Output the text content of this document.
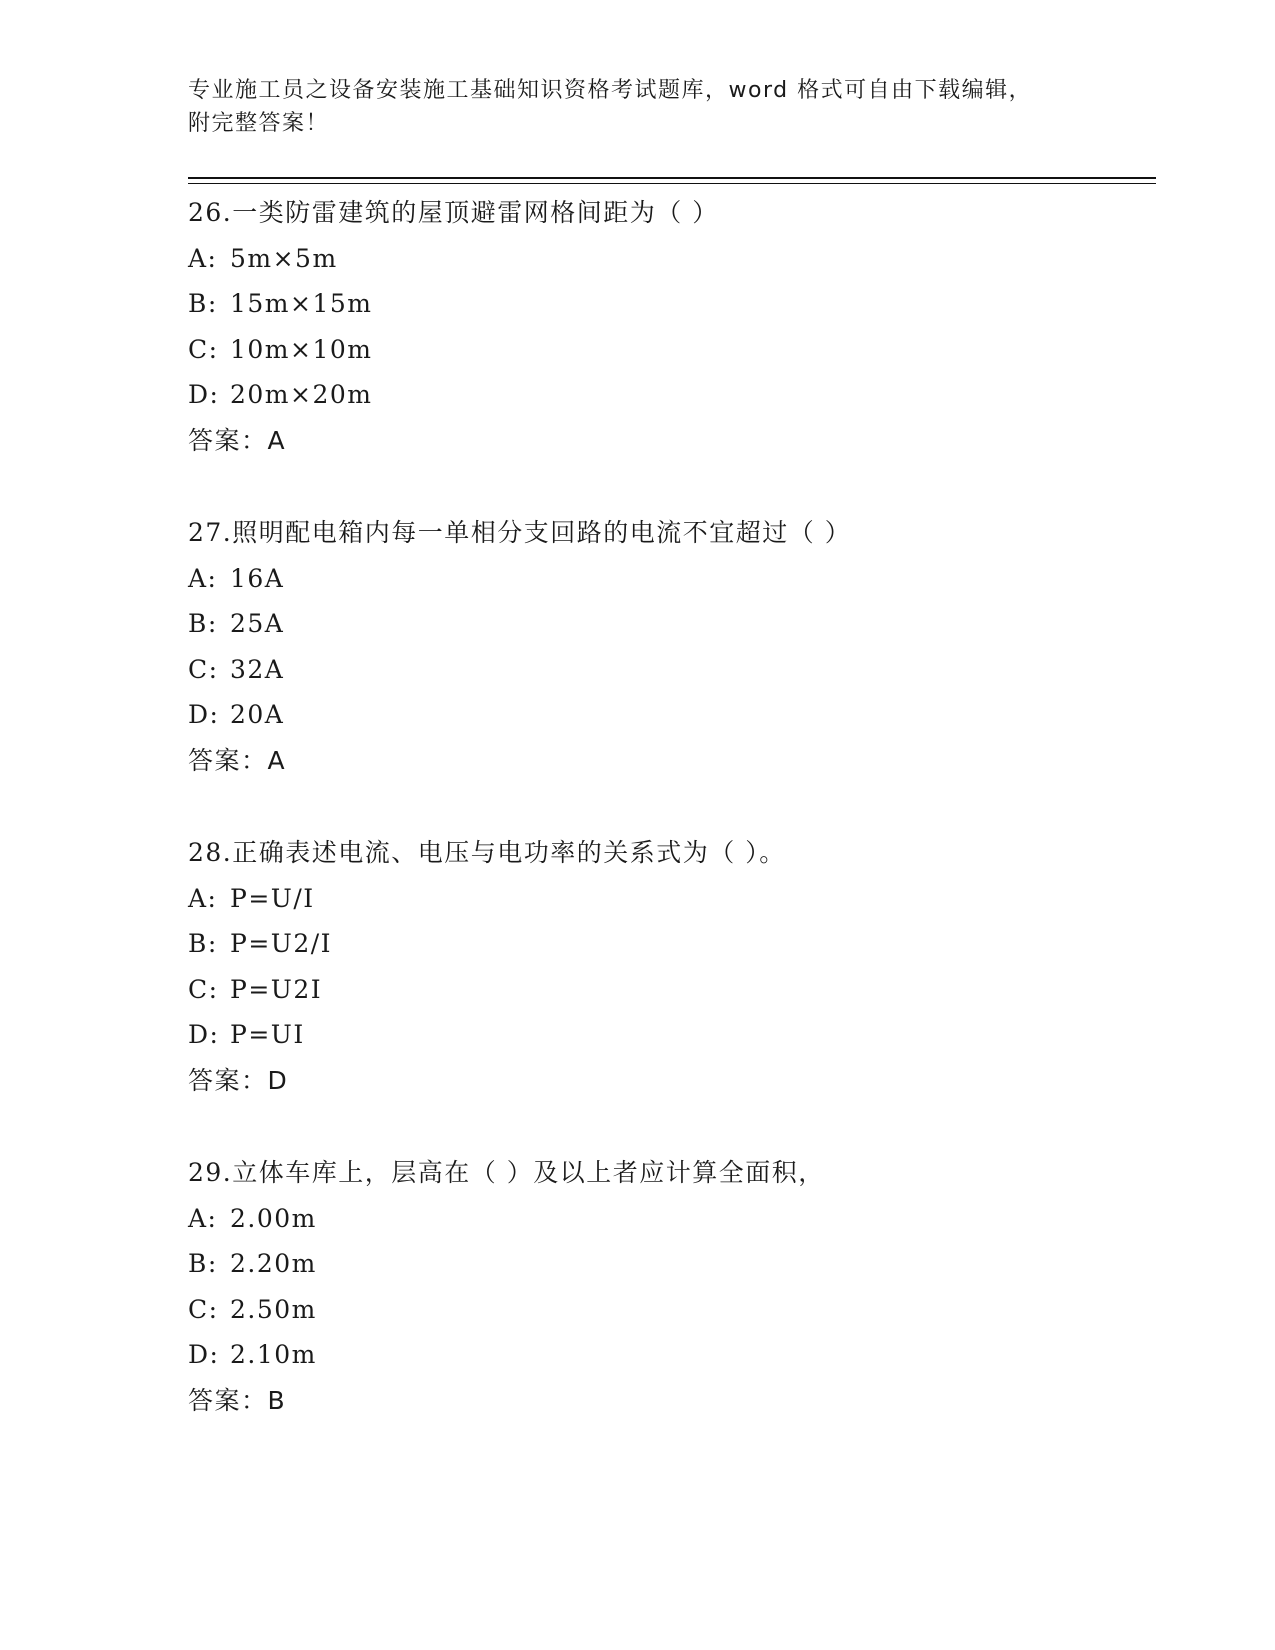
专业施工员之设备安装施工基础知识资格考试题库，word 格式可自由下载编辑，
附完整答案！
26.一类防雷建筑的屋顶避雷网格间距为（ ）
A: 5m×5m
B: 15m×15m
C: 10m×10m
D: 20m×20m
答案：A
27.照明配电箱内每一单相分支回路的电流不宜超过（ ）
A: 16A
B: 25A
C: 32A
D: 20A
答案：A
28.正确表述电流、电压与电功率的关系式为（ ）。
A: P=U/I
B: P=U2/I
C: P=U2I
D: P=UI
答案：D
29.立体车库上，层高在（ ）及以上者应计算全面积，
A: 2.00m
B: 2.20m
C: 2.50m
D: 2.10m
答案：B
